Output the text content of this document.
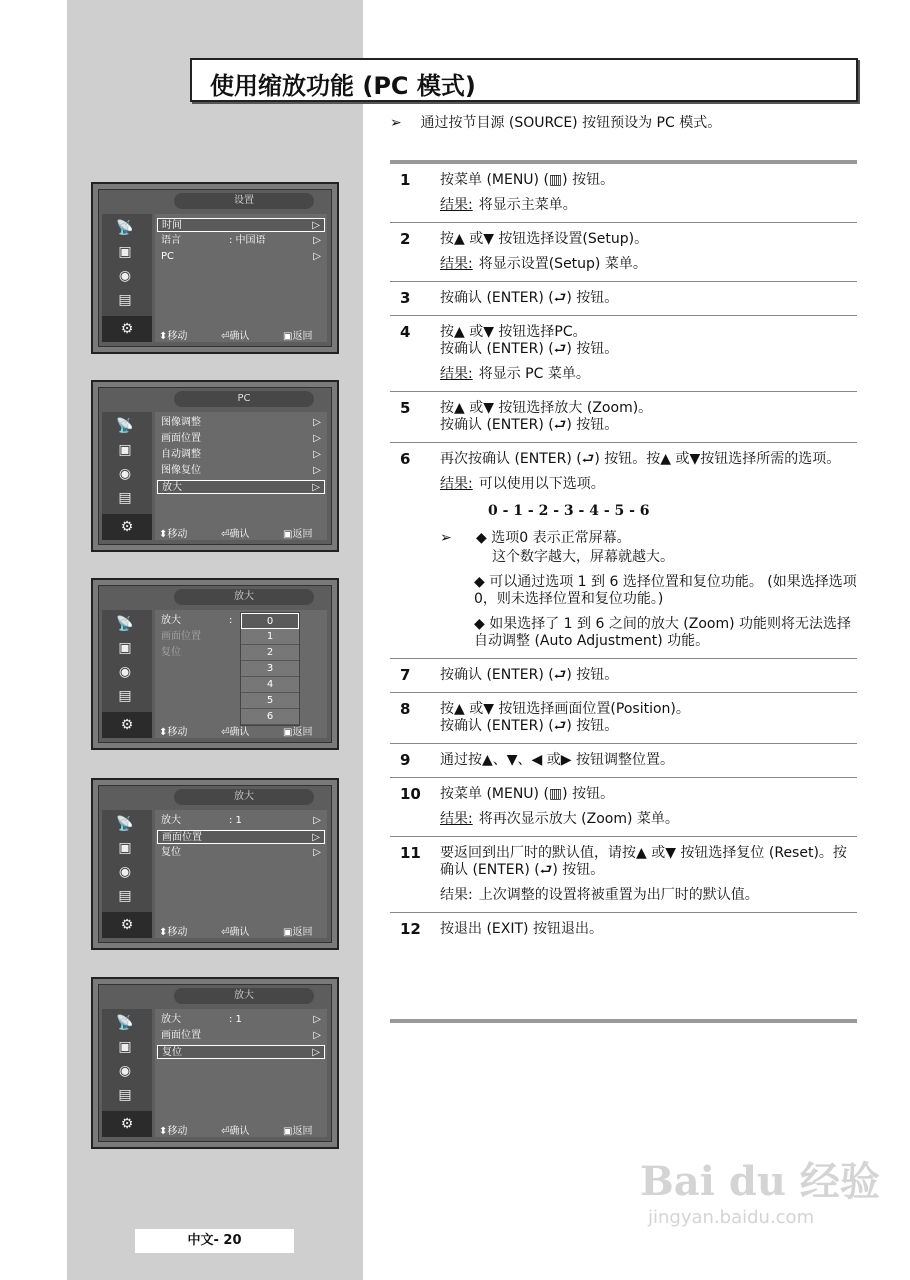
使用缩放功能 (PC 模式)
➢ 通过按节目源 (SOURCE) 按钮预设为 PC 模式。
1 按菜单 (MENU) (▥) 按钮。
结果: 将显示主菜单。
2 按▲ 或▼ 按钮选择设置(Setup)。
结果: 将显示设置(Setup) 菜单。
3 按确认 (ENTER) (⮐) 按钮。
4 按▲ 或▼ 按钮选择PC。
按确认 (ENTER) (⮐) 按钮。
结果: 将显示 PC 菜单。
5 按▲ 或▼ 按钮选择放大 (Zoom)。
按确认 (ENTER) (⮐) 按钮。
6 再次按确认 (ENTER) (⮐) 按钮。按▲ 或▼按钮选择所需的选项。
结果: 可以使用以下选项。
0 - 1 - 2 - 3 - 4 - 5 - 6
➢ ◆ 选项0 表示正常屏幕。
这个数字越大，屏幕就越大。
◆ 可以通过选项 1 到 6 选择位置和复位功能。 (如果选择选项 0，则未选择位置和复位功能。)
◆ 如果选择了 1 到 6 之间的放大 (Zoom) 功能则将无法选择自动调整 (Auto Adjustment) 功能。
7 按确认 (ENTER) (⮐) 按钮。
8 按▲ 或▼ 按钮选择画面位置(Position)。
按确认 (ENTER) (⮐) 按钮。
9 通过按▲、▼、◀ 或▶ 按钮调整位置。
10 按菜单 (MENU) (▥) 按钮。
结果: 将再次显示放大 (Zoom) 菜单。
11 要返回到出厂时的默认值，请按▲ 或▼ 按钮选择复位 (Reset)。按确认 (ENTER) (⮐) 按钮。
结果: 上次调整的设置将被重置为出厂时的默认值。
12 按退出 (EXIT) 按钮退出。
设置
📡
▣
◉
▤
⚙
时间	▷
语言	: 中国语	▷
PC	▷
⬍移动	⏎确认	▣返回
PC
📡
▣
◉
▤
⚙
图像调整	▷
画面位置	▷
自动调整	▷
图像复位	▷
放大	▷
⬍移动	⏎确认	▣返回
放大
📡
▣
◉
▤
⚙
放大	:
画面位置
复位
0
1
2
3
4
5
6
⬍移动	⏎确认	▣返回
放大
📡
▣
◉
▤
⚙
放大	: 1	▷
画面位置	▷
复位	▷
⬍移动	⏎确认	▣返回
放大
📡
▣
◉
▤
⚙
放大	: 1	▷
画面位置	▷
复位	▷
⬍移动	⏎确认	▣返回
中文- 20
Bai du 经验
jingyan.baidu.com
